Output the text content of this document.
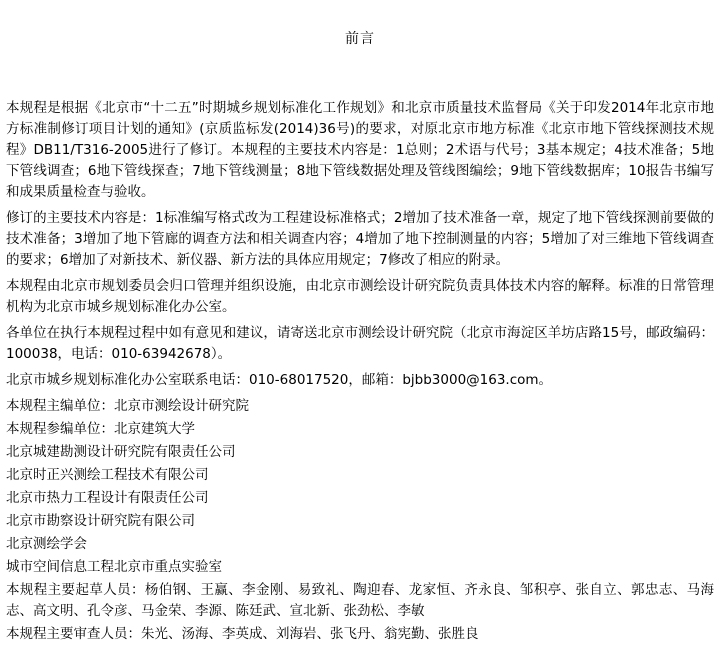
前言

本规程是根据《北京市“十二五”时期城乡规划标准化工作规划》和北京市质量技术监督局《关于印发2014年北京市地方标准制修订项目计划的通知》(京质监标发(2014)36号)的要求，对原北京市地方标准《北京市地下管线探测技术规程》DB11/T316-2005进行了修订。本规程的主要技术内容是：1总则；2术语与代号；3基本规定；4技术准备；5地下管线调查；6地下管线探查；7地下管线测量；8地下管线数据处理及管线图编绘；9地下管线数据库；10报告书编写和成果质量检查与验收。

修订的主要技术内容是：1标准编写格式改为工程建设标准格式；2增加了技术准备一章，规定了地下管线探测前要做的技术准备；3增加了地下管廊的调查方法和相关调查内容；4增加了地下控制测量的内容；5增加了对三维地下管线调查的要求；6增加了对新技术、新仪器、新方法的具体应用规定；7修改了相应的附录。

本规程由北京市规划委员会归口管理并组织设施，由北京市测绘设计研究院负责具体技术内容的解释。标准的日常管理机构为北京市城乡规划标准化办公室。

各单位在执行本规程过程中如有意见和建议，请寄送北京市测绘设计研究院（北京市海淀区羊坊店路15号，邮政编码：100038，电话：010-63942678）。

北京市城乡规划标准化办公室联系电话：010-68017520，邮箱：bjbb3000@163.com。

本规程主编单位：北京市测绘设计研究院

本规程参编单位：北京建筑大学

北京城建勘测设计研究院有限责任公司

北京时正兴测绘工程技术有限公司

北京市热力工程设计有限责任公司

北京市勘察设计研究院有限公司

北京测绘学会

城市空间信息工程北京市重点实验室

本规程主要起草人员：杨伯钢、王赢、李金刚、易致礼、陶迎春、龙家恒、齐永良、邹积亭、张自立、郭忠志、马海志、高文明、孔令彦、马金荣、李源、陈廷武、宣北新、张劲松、李敏

本规程主要审查人员：朱光、汤海、李英成、刘海岩、张飞丹、翁宪勤、张胜良
